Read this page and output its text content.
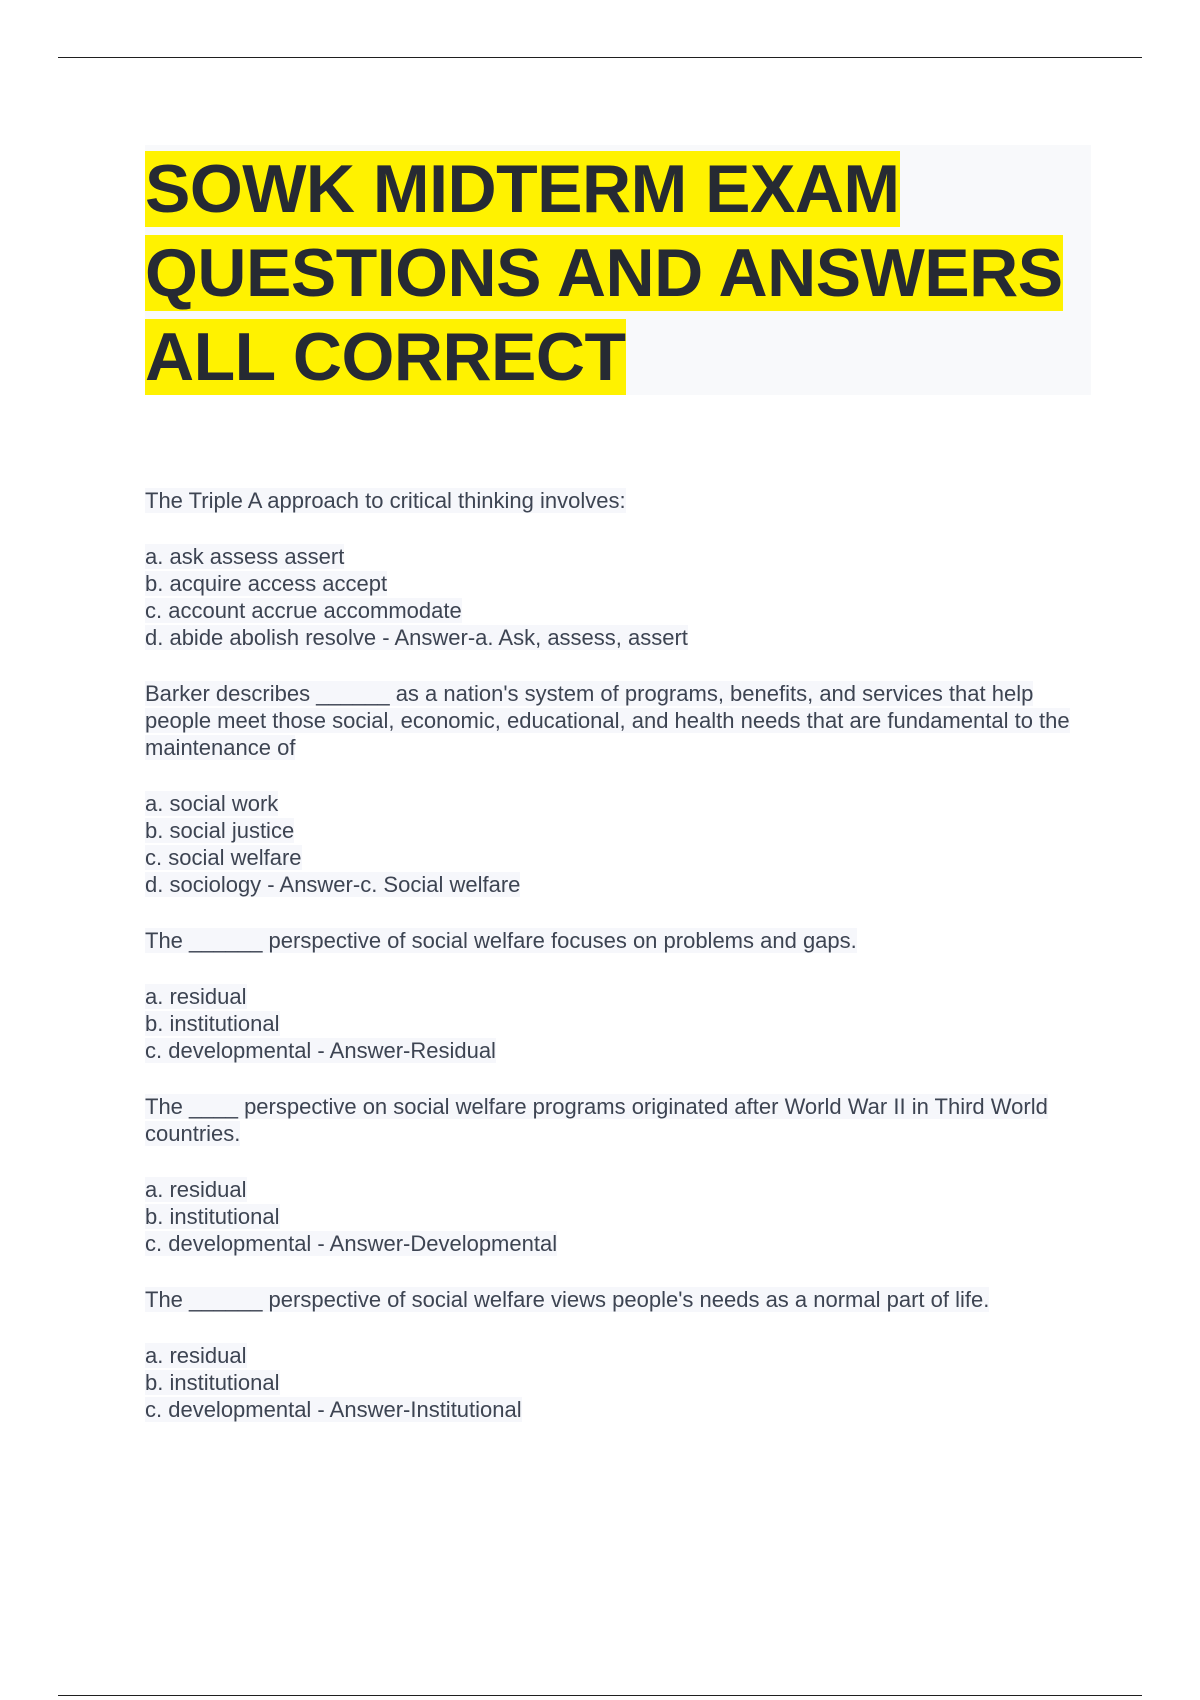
SOWK MIDTERM EXAM QUESTIONS AND ANSWERS ALL CORRECT

The Triple A approach to critical thinking involves:

a. ask assess assert
b. acquire access accept
c. account accrue accommodate
d. abide abolish resolve - Answer-a. Ask, assess, assert

Barker describes ______ as a nation's system of programs, benefits, and services that help people meet those social, economic, educational, and health needs that are fundamental to the maintenance of

a. social work
b. social justice
c. social welfare
d. sociology - Answer-c. Social welfare

The ______ perspective of social welfare focuses on problems and gaps.

a. residual
b. institutional
c. developmental - Answer-Residual

The ____ perspective on social welfare programs originated after World War II in Third World countries.

a. residual
b. institutional
c. developmental - Answer-Developmental

The ______ perspective of social welfare views people's needs as a normal part of life.

a. residual
b. institutional
c. developmental - Answer-Institutional
